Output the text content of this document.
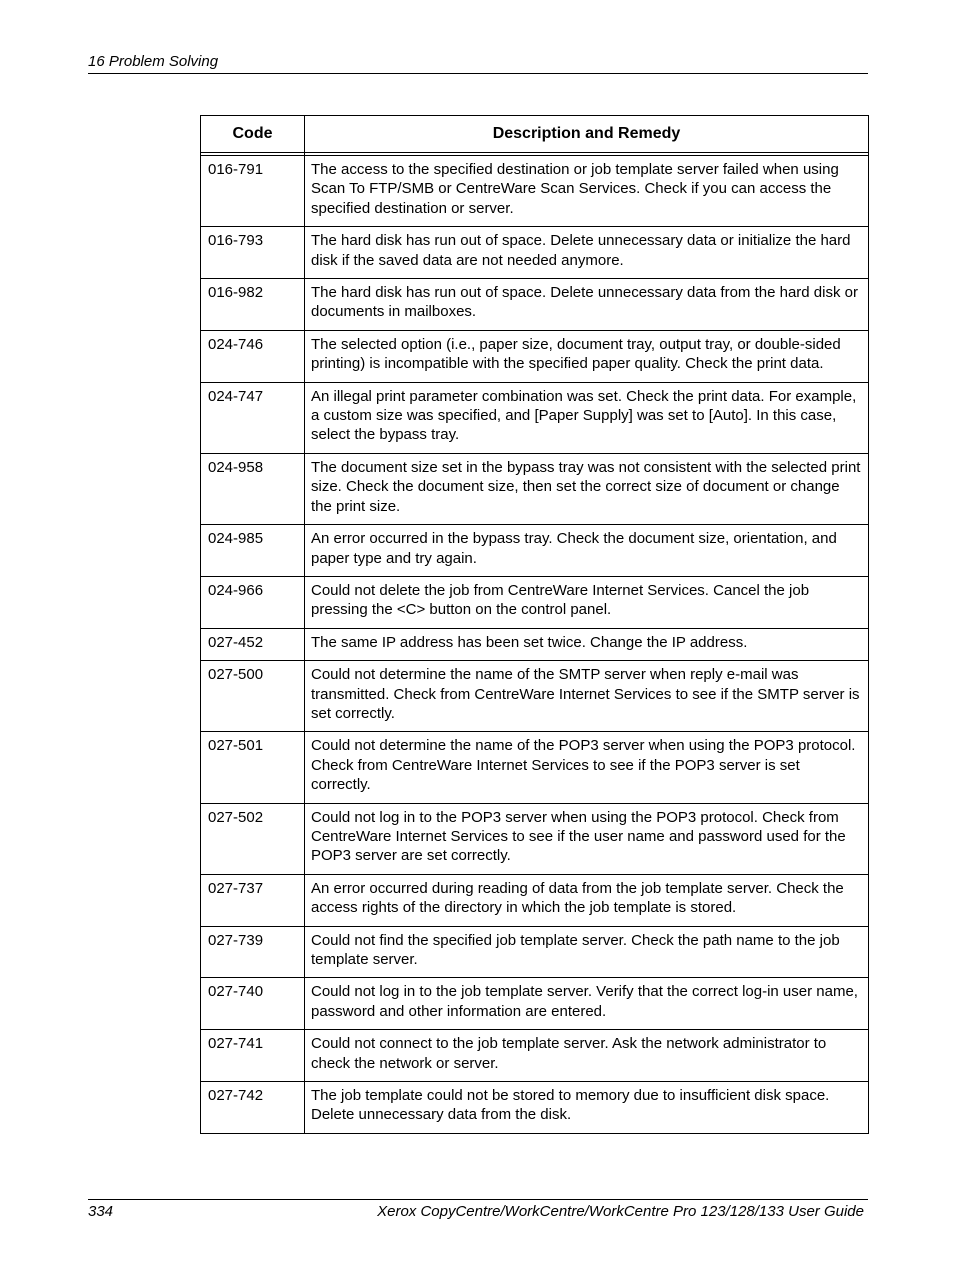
16 Problem Solving
Code	Description and Remedy

016-791	The access to the specified destination or job template server failed when using Scan To FTP/SMB or CentreWare Scan Services. Check if you can access the specified destination or server.
016-793	The hard disk has run out of space. Delete unnecessary data or initialize the hard disk if the saved data are not needed anymore.
016-982	The hard disk has run out of space. Delete unnecessary data from the hard disk or documents in mailboxes.
024-746	The selected option (i.e., paper size, document tray, output tray, or double-sided printing) is incompatible with the specified paper quality. Check the print data.
024-747	An illegal print parameter combination was set. Check the print data. For example, a custom size was specified, and [Paper Supply] was set to [Auto]. In this case, select the bypass tray.
024-958	The document size set in the bypass tray was not consistent with the selected print size. Check the document size, then set the correct size of document or change the print size.
024-985	An error occurred in the bypass tray. Check the document size, orientation, and paper type and try again.
024-966	Could not delete the job from CentreWare Internet Services. Cancel the job pressing the <C> button on the control panel.
027-452	The same IP address has been set twice. Change the IP address.
027-500	Could not determine the name of the SMTP server when reply e-mail was transmitted. Check from CentreWare Internet Services to see if the SMTP server is set correctly.
027-501	Could not determine the name of the POP3 server when using the POP3 protocol. Check from CentreWare Internet Services to see if the POP3 server is set correctly.
027-502	Could not log in to the POP3 server when using the POP3 protocol. Check from CentreWare Internet Services to see if the user name and password used for the POP3 server are set correctly.
027-737	An error occurred during reading of data from the job template server. Check the access rights of the directory in which the job template is stored.
027-739	Could not find the specified job template server. Check the path name to the job template server.
027-740	Could not log in to the job template server. Verify that the correct log-in user name, password and other information are entered.
027-741	Could not connect to the job template server. Ask the network administrator to check the network or server.
027-742	The job template could not be stored to memory due to insufficient disk space. Delete unnecessary data from the disk.
334	Xerox CopyCentre/WorkCentre/WorkCentre Pro 123/128/133 User Guide
